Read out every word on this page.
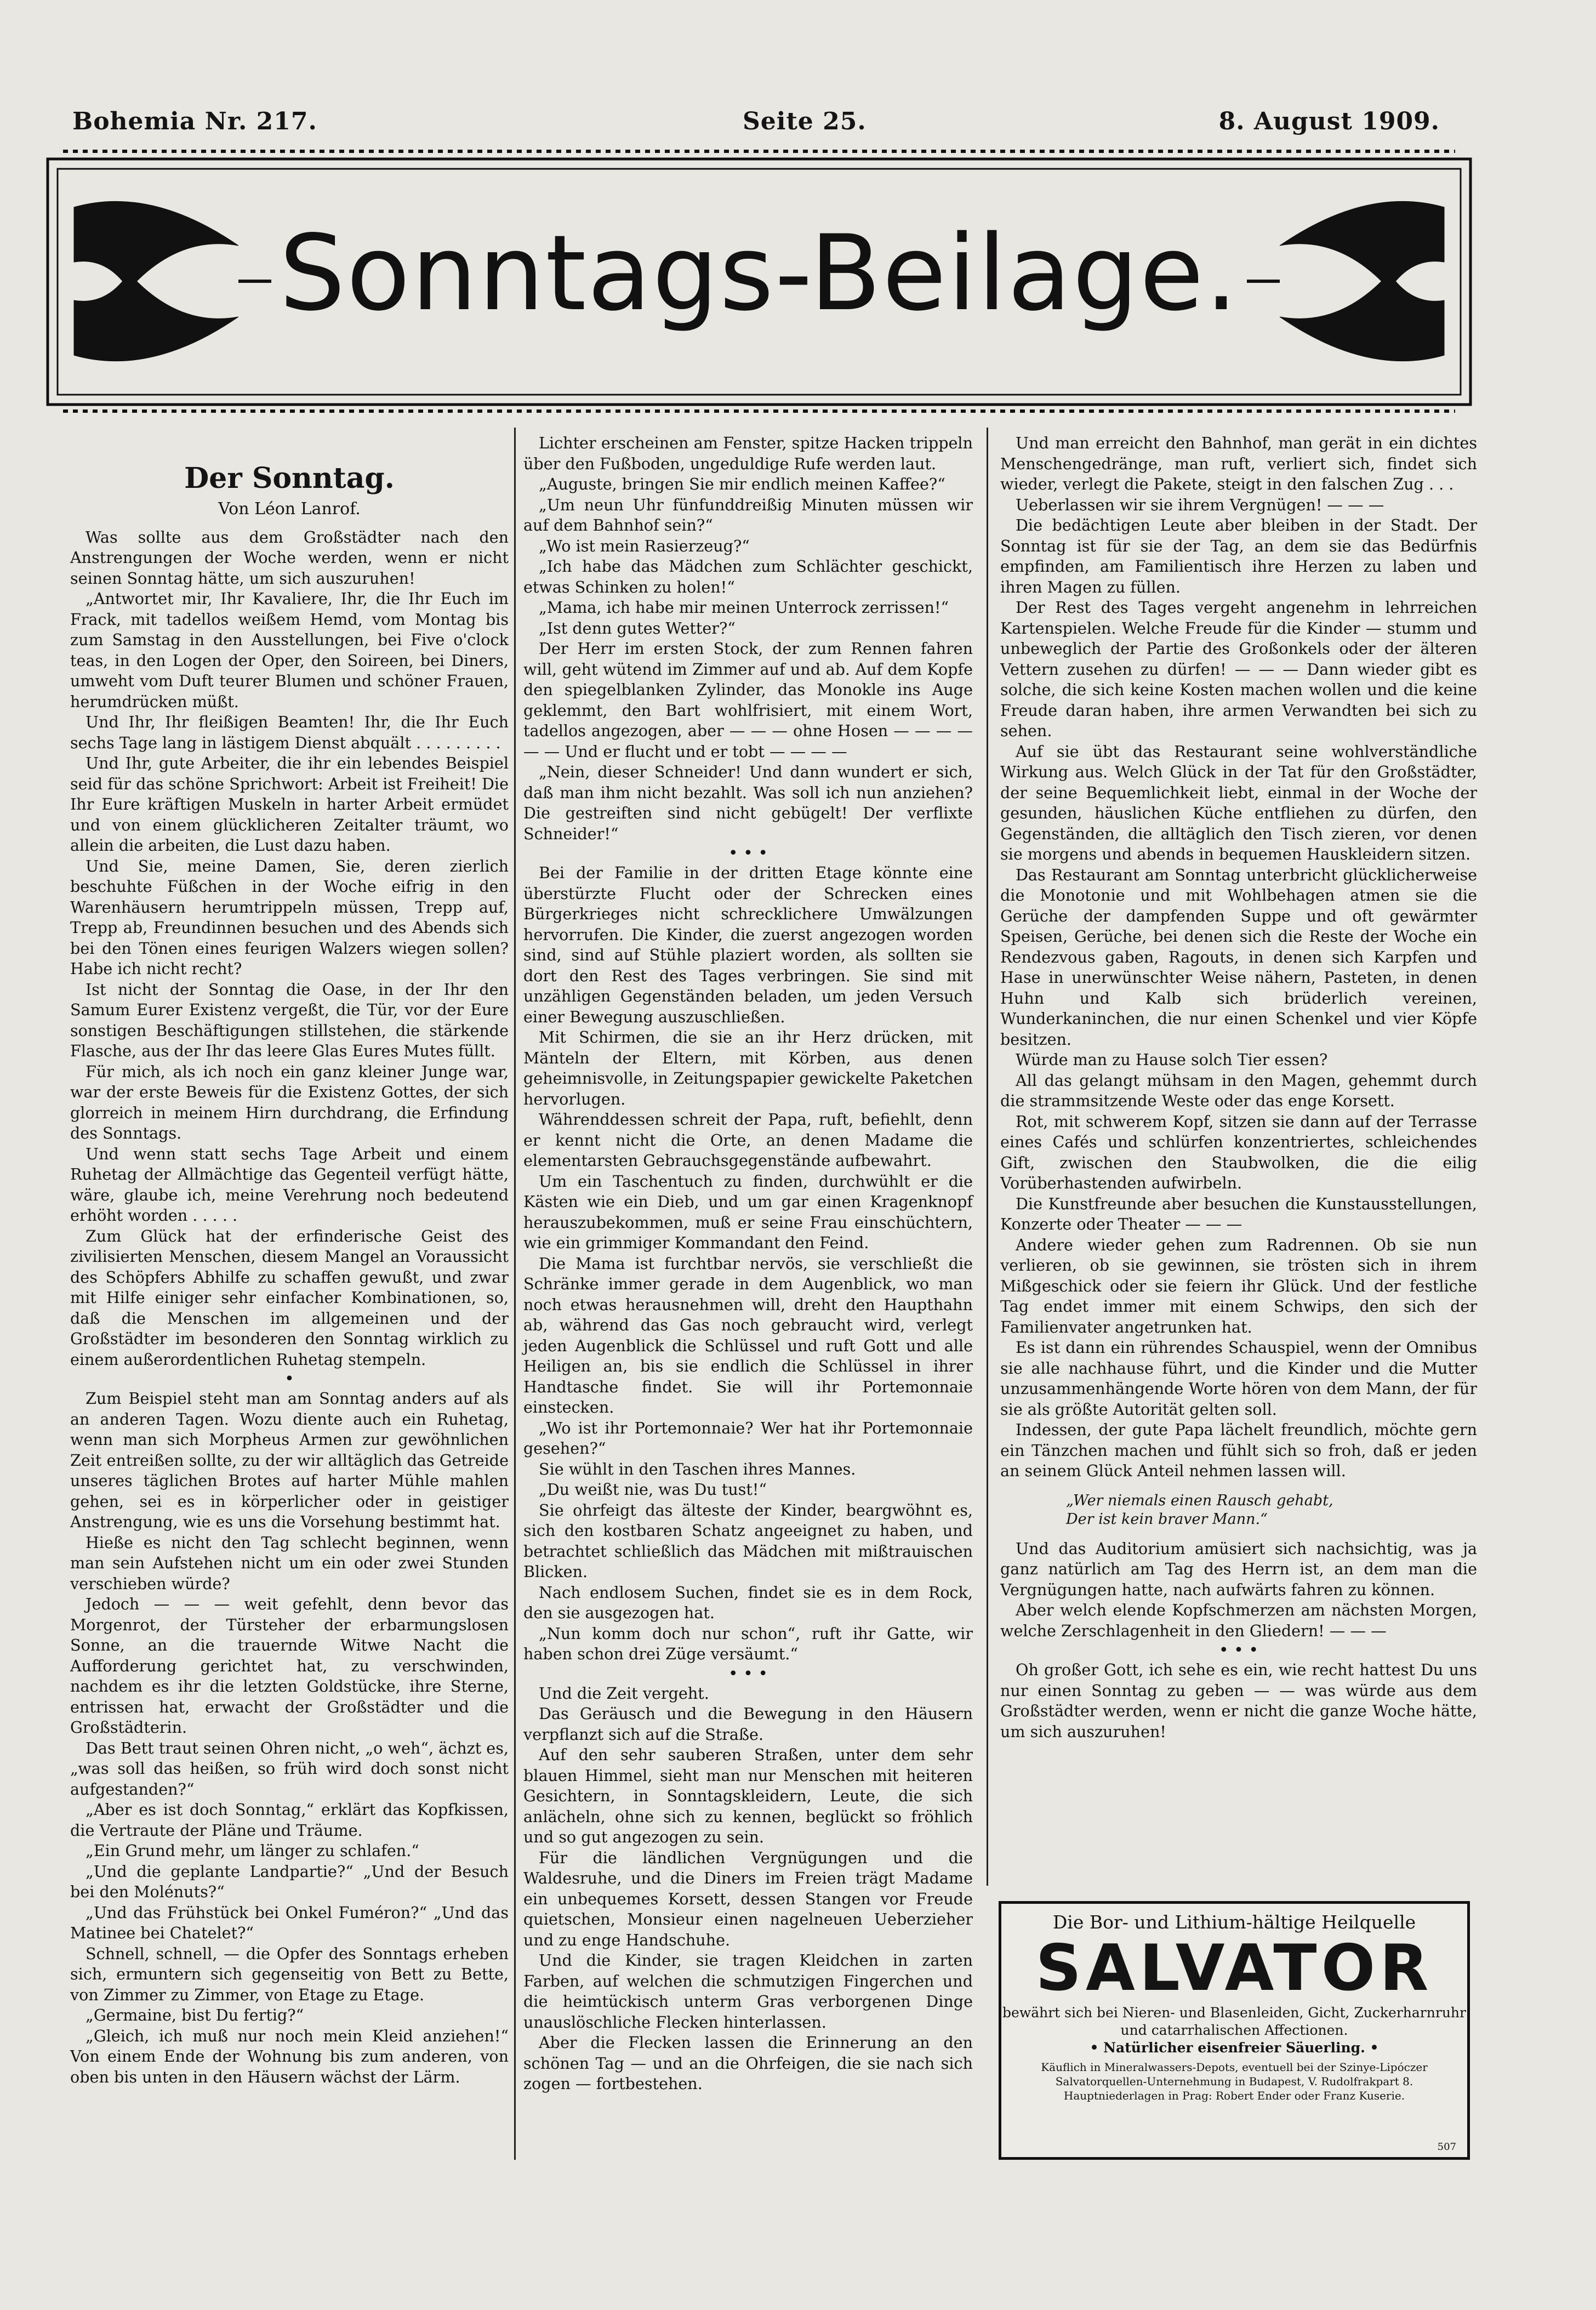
Bohemia Nr. 217.	Seite 25.	8. August 1909.
Sonntags-Beilage.
Der Sonntag.
Von Léon Lanrof.

Was sollte aus dem Großstädter nach den Anstrengungen der Woche werden, wenn er nicht seinen Sonntag hätte, um sich auszuruhen!

„Antwortet mir, Ihr Kavaliere, Ihr, die Ihr Euch im Frack, mit tadellos weißem Hemd, vom Montag bis zum Samstag in den Ausstellungen, bei Five o'clock teas, in den Logen der Oper, den Soireen, bei Diners, umweht vom Duft teurer Blumen und schöner Frauen, herumdrücken müßt.

Und Ihr, Ihr fleißigen Beamten! Ihr, die Ihr Euch sechs Tage lang in lästigem Dienst abquält . . . . . . . . .

Und Ihr, gute Arbeiter, die ihr ein lebendes Beispiel seid für das schöne Sprichwort: Arbeit ist Freiheit! Die Ihr Eure kräftigen Muskeln in harter Arbeit ermüdet und von einem glücklicheren Zeitalter träumt, wo allein die arbeiten, die Lust dazu haben.

Und Sie, meine Damen, Sie, deren zierlich beschuhte Füßchen in der Woche eifrig in den Warenhäusern herumtrippeln müssen, Trepp auf, Trepp ab, Freundinnen besuchen und des Abends sich bei den Tönen eines feurigen Walzers wiegen sollen? Habe ich nicht recht?

Ist nicht der Sonntag die Oase, in der Ihr den Samum Eurer Existenz vergeßt, die Tür, vor der Eure sonstigen Beschäftigungen stillstehen, die stärkende Flasche, aus der Ihr das leere Glas Eures Mutes füllt.

Für mich, als ich noch ein ganz kleiner Junge war, war der erste Beweis für die Existenz Gottes, der sich glorreich in meinem Hirn durchdrang, die Erfindung des Sonntags.

Und wenn statt sechs Tage Arbeit und einem Ruhetag der Allmächtige das Gegenteil verfügt hätte, wäre, glaube ich, meine Verehrung noch bedeutend erhöht worden . . . . .

Zum Glück hat der erfinderische Geist des zivilisierten Menschen, diesem Mangel an Voraussicht des Schöpfers Abhilfe zu schaffen gewußt, und zwar mit Hilfe einiger sehr einfacher Kombinationen, so, daß die Menschen im allgemeinen und der Großstädter im besonderen den Sonntag wirklich zu einem außerordentlichen Ruhetag stempeln.

•

Zum Beispiel steht man am Sonntag anders auf als an anderen Tagen. Wozu diente auch ein Ruhetag, wenn man sich Morpheus Armen zur gewöhnlichen Zeit entreißen sollte, zu der wir alltäglich das Getreide unseres täglichen Brotes auf harter Mühle mahlen gehen, sei es in körperlicher oder in geistiger Anstrengung, wie es uns die Vorsehung bestimmt hat.

Hieße es nicht den Tag schlecht beginnen, wenn man sein Aufstehen nicht um ein oder zwei Stunden verschieben würde?

Jedoch — — — weit gefehlt, denn bevor das Morgenrot, der Türsteher der erbarmungslosen Sonne, an die trauernde Witwe Nacht die Aufforderung gerichtet hat, zu verschwinden, nachdem es ihr die letzten Goldstücke, ihre Sterne, entrissen hat, erwacht der Großstädter und die Großstädterin.

Das Bett traut seinen Ohren nicht, „o weh“, ächzt es, „was soll das heißen, so früh wird doch sonst nicht aufgestanden?“

„Aber es ist doch Sonntag,“ erklärt das Kopfkissen, die Vertraute der Pläne und Träume.

„Ein Grund mehr, um länger zu schlafen.“

„Und die geplante Landpartie?“ „Und der Besuch bei den Molénuts?“

„Und das Frühstück bei Onkel Fuméron?“ „Und das Matinee bei Chatelet?“

Schnell, schnell, — die Opfer des Sonntags erheben sich, ermuntern sich gegenseitig von Bett zu Bette, von Zimmer zu Zimmer, von Etage zu Etage.

„Germaine, bist Du fertig?“

„Gleich, ich muß nur noch mein Kleid anziehen!“ Von einem Ende der Wohnung bis zum anderen, von oben bis unten in den Häusern wächst der Lärm.

Lichter erscheinen am Fenster, spitze Hacken trippeln über den Fußboden, ungeduldige Rufe werden laut.

„Auguste, bringen Sie mir endlich meinen Kaffee?“

„Um neun Uhr fünfunddreißig Minuten müssen wir auf dem Bahnhof sein?“

„Wo ist mein Rasierzeug?“

„Ich habe das Mädchen zum Schlächter geschickt, etwas Schinken zu holen!“

„Mama, ich habe mir meinen Unterrock zerrissen!“

„Ist denn gutes Wetter?“

Der Herr im ersten Stock, der zum Rennen fahren will, geht wütend im Zimmer auf und ab. Auf dem Kopfe den spiegelblanken Zylinder, das Monokle ins Auge geklemmt, den Bart wohlfrisiert, mit einem Wort, tadellos angezogen, aber — — — ohne Hosen — — — — — — Und er flucht und er tobt — — — —

„Nein, dieser Schneider! Und dann wundert er sich, daß man ihm nicht bezahlt. Was soll ich nun anziehen? Die gestreiften sind nicht gebügelt! Der verflixte Schneider!“

• • •

Bei der Familie in der dritten Etage könnte eine überstürzte Flucht oder der Schrecken eines Bürgerkrieges nicht schrecklichere Umwälzungen hervorrufen. Die Kinder, die zuerst angezogen worden sind, sind auf Stühle plaziert worden, als sollten sie dort den Rest des Tages verbringen. Sie sind mit unzähligen Gegenständen beladen, um jeden Versuch einer Bewegung auszuschließen.

Mit Schirmen, die sie an ihr Herz drücken, mit Mänteln der Eltern, mit Körben, aus denen geheimnisvolle, in Zeitungspapier gewickelte Paketchen hervorlugen.

Währenddessen schreit der Papa, ruft, befiehlt, denn er kennt nicht die Orte, an denen Madame die elementarsten Gebrauchsgegenstände aufbewahrt.

Um ein Taschentuch zu finden, durchwühlt er die Kästen wie ein Dieb, und um gar einen Kragenknopf herauszubekommen, muß er seine Frau einschüchtern, wie ein grimmiger Kommandant den Feind.

Die Mama ist furchtbar nervös, sie verschließt die Schränke immer gerade in dem Augenblick, wo man noch etwas herausnehmen will, dreht den Haupthahn ab, während das Gas noch gebraucht wird, verlegt jeden Augenblick die Schlüssel und ruft Gott und alle Heiligen an, bis sie endlich die Schlüssel in ihrer Handtasche findet. Sie will ihr Portemonnaie einstecken.

„Wo ist ihr Portemonnaie? Wer hat ihr Portemonnaie gesehen?“

Sie wühlt in den Taschen ihres Mannes.

„Du weißt nie, was Du tust!“

Sie ohrfeigt das älteste der Kinder, beargwöhnt es, sich den kostbaren Schatz angeeignet zu haben, und betrachtet schließlich das Mädchen mit mißtrauischen Blicken.

Nach endlosem Suchen, findet sie es in dem Rock, den sie ausgezogen hat.

„Nun komm doch nur schon“, ruft ihr Gatte, wir haben schon drei Züge versäumt.“

• • •

Und die Zeit vergeht.

Das Geräusch und die Bewegung in den Häusern verpflanzt sich auf die Straße.

Auf den sehr sauberen Straßen, unter dem sehr blauen Himmel, sieht man nur Menschen mit heiteren Gesichtern, in Sonntagskleidern, Leute, die sich anlächeln, ohne sich zu kennen, beglückt so fröhlich und so gut angezogen zu sein.

Für die ländlichen Vergnügungen und die Waldesruhe, und die Diners im Freien trägt Madame ein unbequemes Korsett, dessen Stangen vor Freude quietschen, Monsieur einen nagelneuen Ueberzieher und zu enge Handschuhe.

Und die Kinder, sie tragen Kleidchen in zarten Farben, auf welchen die schmutzigen Fingerchen und die heimtückisch unterm Gras verborgenen Dinge unauslöschliche Flecken hinterlassen.

Aber die Flecken lassen die Erinnerung an den schönen Tag — und an die Ohrfeigen, die sie nach sich zogen — fortbestehen.

Und man erreicht den Bahnhof, man gerät in ein dichtes Menschengedränge, man ruft, verliert sich, findet sich wieder, verlegt die Pakete, steigt in den falschen Zug . . .

Ueberlassen wir sie ihrem Vergnügen! — — —

Die bedächtigen Leute aber bleiben in der Stadt. Der Sonntag ist für sie der Tag, an dem sie das Bedürfnis empfinden, am Familientisch ihre Herzen zu laben und ihren Magen zu füllen.

Der Rest des Tages vergeht angenehm in lehrreichen Kartenspielen. Welche Freude für die Kinder — stumm und unbeweglich der Partie des Großonkels oder der älteren Vettern zusehen zu dürfen! — — — Dann wieder gibt es solche, die sich keine Kosten machen wollen und die keine Freude daran haben, ihre armen Verwandten bei sich zu sehen.

Auf sie übt das Restaurant seine wohlverständliche Wirkung aus. Welch Glück in der Tat für den Großstädter, der seine Bequemlichkeit liebt, einmal in der Woche der gesunden, häuslichen Küche entfliehen zu dürfen, den Gegenständen, die alltäglich den Tisch zieren, vor denen sie morgens und abends in bequemen Hauskleidern sitzen.

Das Restaurant am Sonntag unterbricht glücklicherweise die Monotonie und mit Wohlbehagen atmen sie die Gerüche der dampfenden Suppe und oft gewärmter Speisen, Gerüche, bei denen sich die Reste der Woche ein Rendezvous gaben, Ragouts, in denen sich Karpfen und Hase in unerwünschter Weise nähern, Pasteten, in denen Huhn und Kalb sich brüderlich vereinen, Wunderkaninchen, die nur einen Schenkel und vier Köpfe besitzen.

Würde man zu Hause solch Tier essen?

All das gelangt mühsam in den Magen, gehemmt durch die strammsitzende Weste oder das enge Korsett.

Rot, mit schwerem Kopf, sitzen sie dann auf der Terrasse eines Cafés und schlürfen konzentriertes, schleichendes Gift, zwischen den Staubwolken, die die eilig Vorüberhastenden aufwirbeln.

Die Kunstfreunde aber besuchen die Kunstausstellungen, Konzerte oder Theater — — —

Andere wieder gehen zum Radrennen. Ob sie nun verlieren, ob sie gewinnen, sie trösten sich in ihrem Mißgeschick oder sie feiern ihr Glück. Und der festliche Tag endet immer mit einem Schwips, den sich der Familienvater angetrunken hat.

Es ist dann ein rührendes Schauspiel, wenn der Omnibus sie alle nachhause führt, und die Kinder und die Mutter unzusammenhängende Worte hören von dem Mann, der für sie als größte Autorität gelten soll.

Indessen, der gute Papa lächelt freundlich, möchte gern ein Tänzchen machen und fühlt sich so froh, daß er jeden an seinem Glück Anteil nehmen lassen will.

„Wer niemals einen Rausch gehabt,
Der ist kein braver Mann.“

Und das Auditorium amüsiert sich nachsichtig, was ja ganz natürlich am Tag des Herrn ist, an dem man die Vergnügungen hatte, nach aufwärts fahren zu können.

Aber welch elende Kopfschmerzen am nächsten Morgen, welche Zerschlagenheit in den Gliedern! — — —

• • •

Oh großer Gott, ich sehe es ein, wie recht hattest Du uns nur einen Sonntag zu geben — — was würde aus dem Großstädter werden, wenn er nicht die ganze Woche hätte, um sich auszuruhen!

Die Bor- und Lithium-hältige Heilquelle
SALVATOR
bewährt sich bei Nieren- und Blasenleiden, Gicht, Zuckerharnruhr und catarrhalischen Affectionen.
• Natürlicher eisenfreier Säuerling. •
Käuflich in Mineralwassers-Depots, eventuell bei der Szinye-Lipóczer Salvatorquellen-Unternehmung in Budapest, V. Rudolfrakpart 8. Hauptniederlagen in Prag: Robert Ender oder Franz Kuserie.
507
